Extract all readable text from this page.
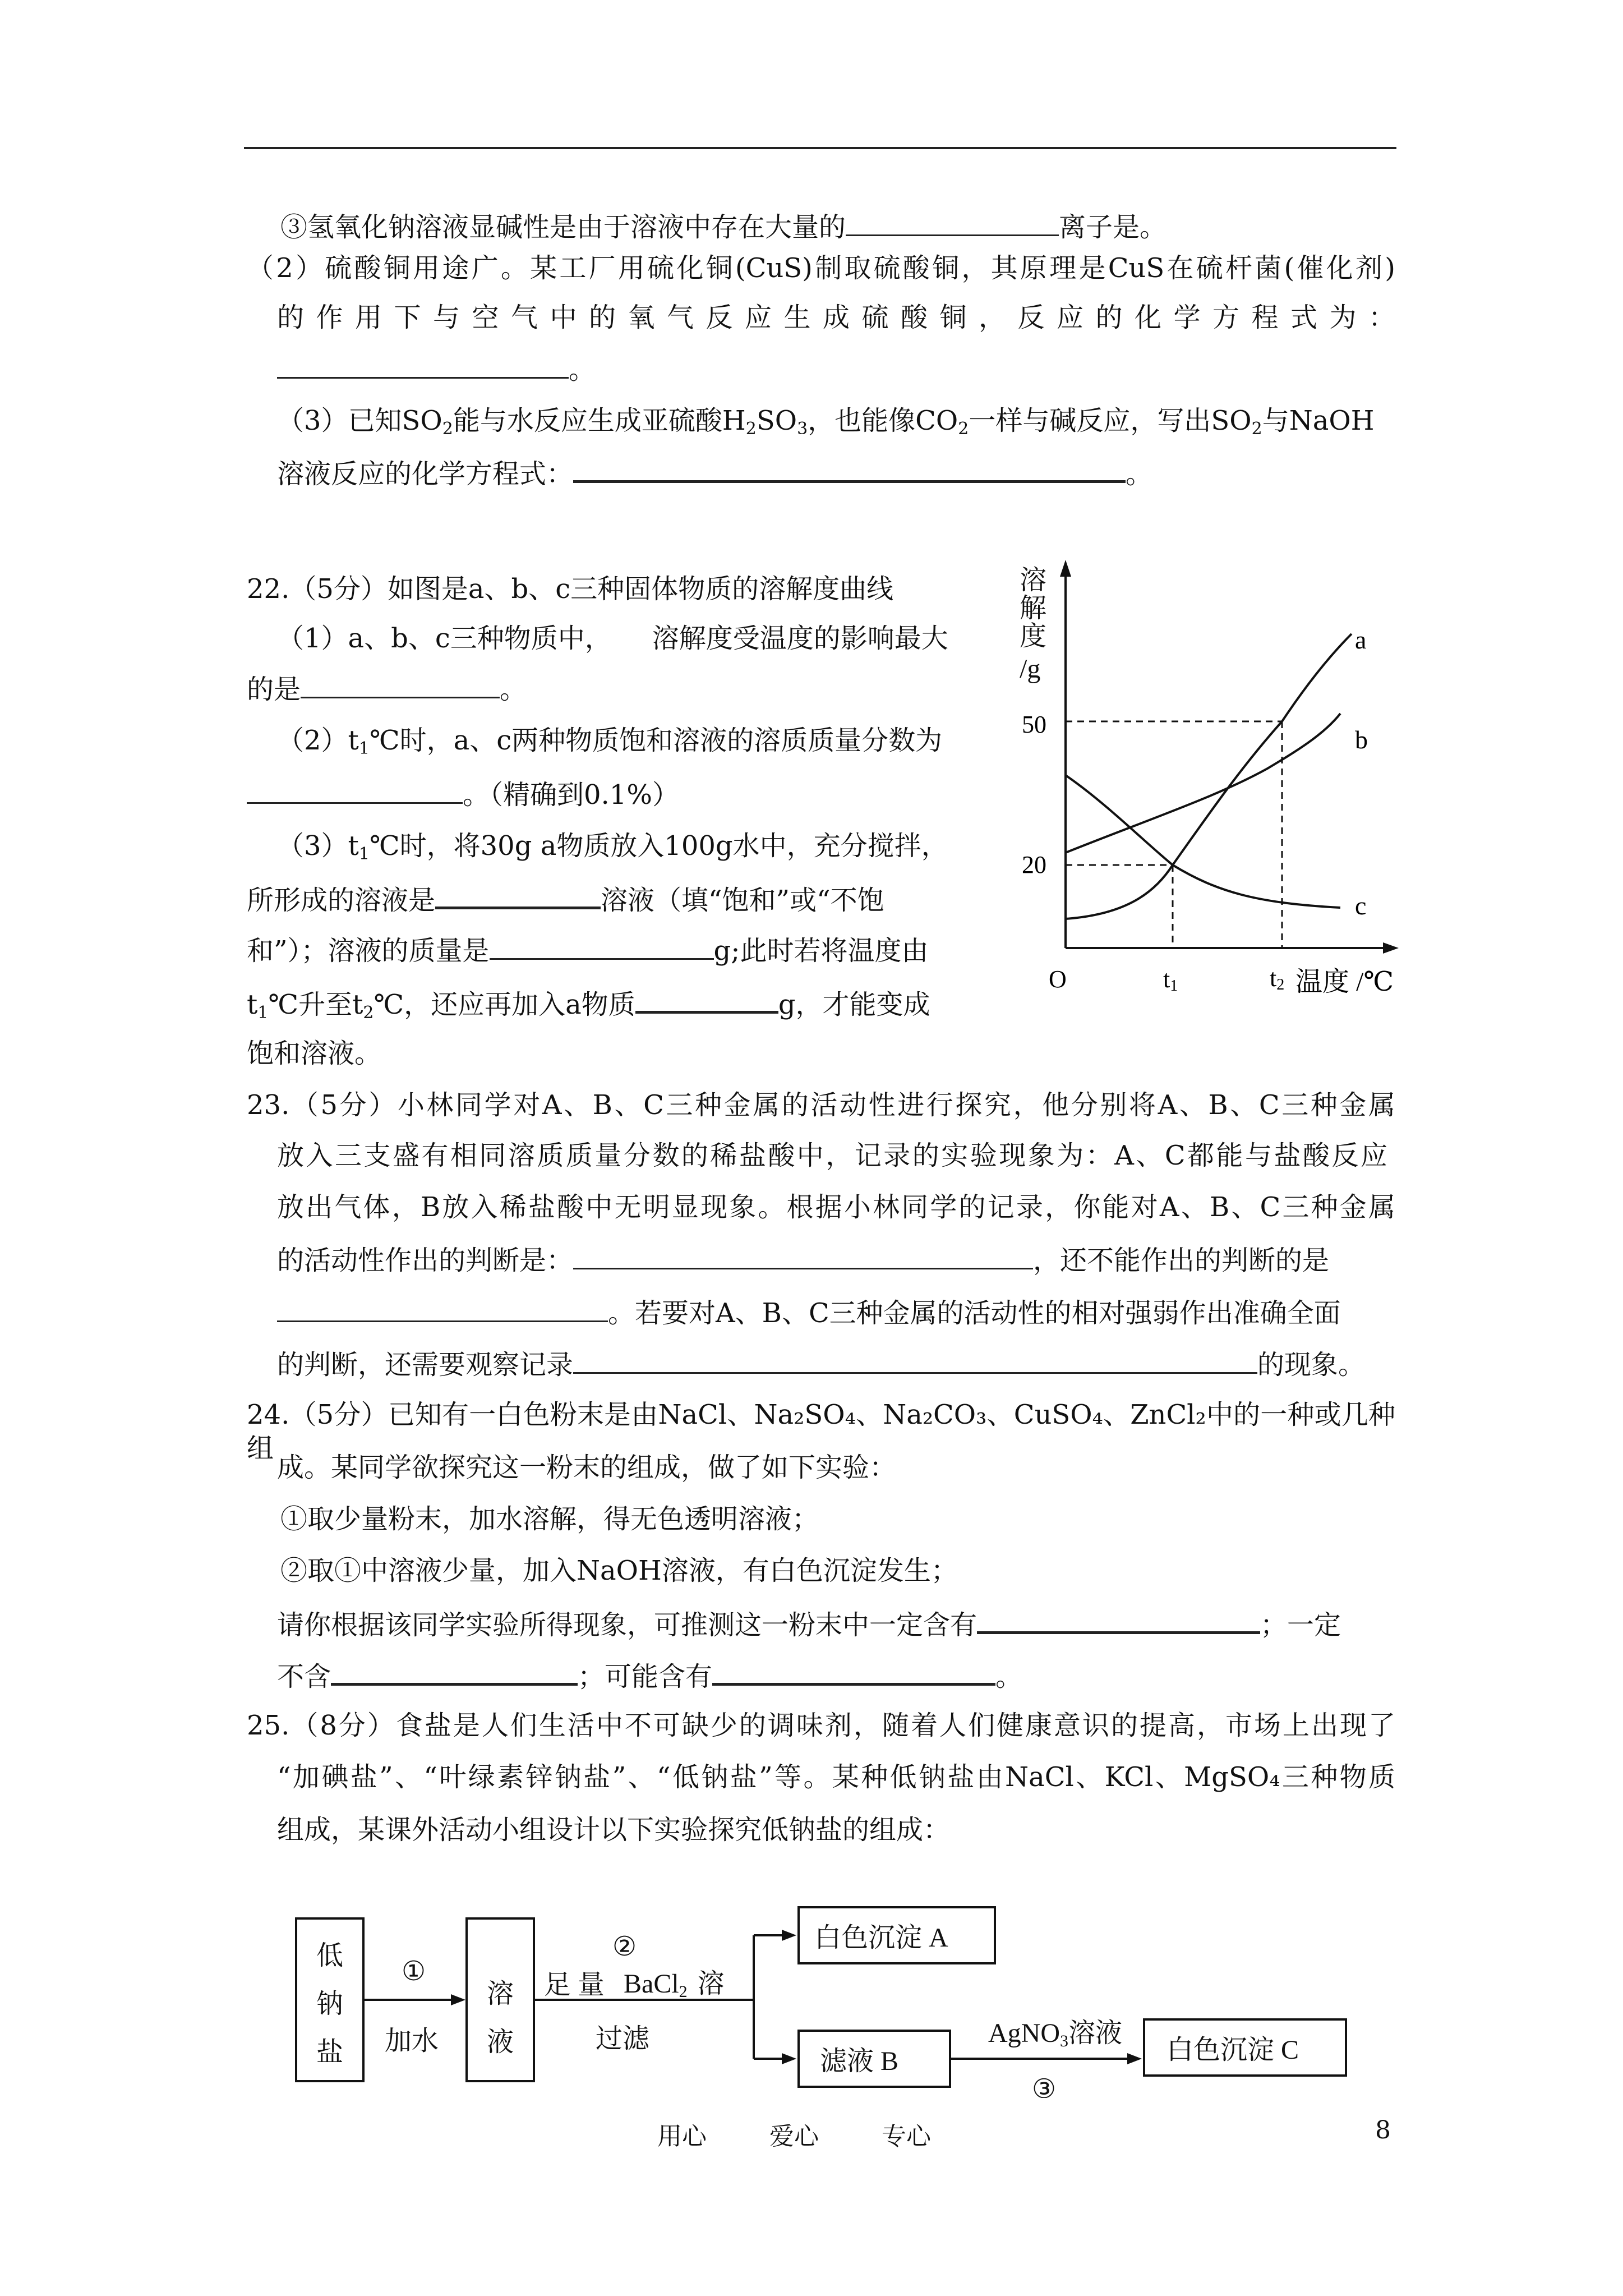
③氢氧化钠溶液显碱性是由于溶液中存在大量的	离子是。
（2）硫酸铜用途广。某工厂用硫化铜(CuS)制取硫酸铜，其原理是CuS在硫杆菌(催化剂)
的作用下与空气中的氧气反应生成硫酸铜，反应的化学方程式为：
。
（3）已知$SO_2$能与水反应生成亚硫酸$H_2SO_3$，也能像$CO_2$一样与碱反应，写出$SO_2$与NaOH
溶液反应的化学方程式：	。
22.（5分）如图是a、b、c三种固体物质的溶解度曲线
（1）a、b、c三种物质中，　　溶解度受温度的影响最大
的是	。
$(2)t_1℃$时，a、c两种物质饱和溶液的溶质质量分数为
。（精确到0.1%）
$(3)t_1℃$时，将30g a物质放入100g水中，充分搅拌，
所形成的溶液是	溶液（填“饱和”或“不饱
和”）；溶液的质量是	g;此时若将温度由
$t_1℃$升至$t_2℃$，还应再加入a物质	g，才能变成
饱和溶液。
溶
解
度
/g
50
20
O	t1	t2 温度 /℃
a
b
c
23.（5分）小林同学对A、B、C三种金属的活动性进行探究，他分别将A、B、C三种金属
放入三支盛有相同溶质质量分数的稀盐酸中，记录的实验现象为：A、C都能与盐酸反应
放出气体，B放入稀盐酸中无明显现象。根据小林同学的记录，你能对A、B、C三种金属
的活动性作出的判断是：	，还不能作出的判断的是
。若要对A、B、C三种金属的活动性的相对强弱作出准确全面
的判断，还需要观察记录	的现象。
24.（5分）已知有一白色粉末是由NaCl、Na₂SO₄、Na₂CO₃、CuSO₄、ZnCl₂中的一种或几种组
成。某同学欲探究这一粉末的组成，做了如下实验：
①取少量粉末，加水溶解，得无色透明溶液；
②取①中溶液少量，加入NaOH溶液，有白色沉淀发生；
请你根据该同学实验所得现象，可推测这一粉末中一定含有	；一定
不含	；可能含有	。
25.（8分）食盐是人们生活中不可缺少的调味剂，随着人们健康意识的提高，市场上出现了
“加碘盐”、“叶绿素锌钠盐”、“低钠盐”等。某种低钠盐由NaCl、KCl、MgSO₄三种物质
组成，某课外活动小组设计以下实验探究低钠盐的组成：
低
钠
盐
①
加水
溶
液
②
足 量 BaCl2 溶
过滤
白色沉淀 A
滤液 B
AgNO3溶液
③
白色沉淀 C
用心	爱心	专心	8
